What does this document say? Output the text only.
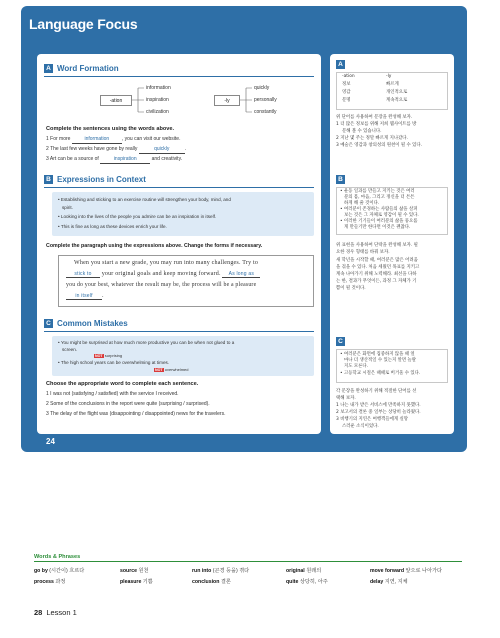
Language Focus
A Word Formation
-ation
information
inspiration
civilization
-ly
quickly
personally
constantly
Complete the sentences using the words above.
1 For more	information	, you can visit our website.
2 The last few weeks have gone by really	quickly	.
3 Art can be a source of	inspiration	and creativity.
B Expressions in Context
• Establishing and sticking to an exercise routine will strengthen your body, mind, and
spirit.
• Looking into the lives of the people you admire can be an inspiration in itself.
• This is fine as long as these devices enrich your life.
Complete the paragraph using the expressions above. Change the forms if necessary.
When you start a new grade, you may run into many challenges. Try to
stick to your original goals and keep moving forward. As long as
you do your best, whatever the result may be, the process will be a pleasure
in itself .
C Common Mistakes
• You might be surprised at how much more productive you can be when not glued to a
screen.
NOT surprising
• The high school years can be overwhelming at times.
NOT overwhelmed
Choose the appropriate word to complete each sentence.
1 I was not (satisfying / satisfied) with the service I received.
2 Some of the conclusions in the report were quite (surprising / surprised).
3 The delay of the flight was (disappointing / disappointed) news for the travelers.
24
A
-ation	-ly
정보	빠르게
영감	개인적으로
문명	계속적으로
위 단어를 사용하여 문장을 완성해 보자.
1 더 많은 정보를 위해 저희 웹사이트를 방
문해 볼 수 있습니다.
2 지난 몇 주는 정말 빠르게 지나갔다.
3 예술은 영감과 창의성의 원천이 될 수 있다.
B
• 운동 일과를 만들고 지키는 것은 여러
분의 몸, 마음, 그리고 정신을 더 튼튼
하게 해 줄 것이다.
• 여러분이 존경하는 사람들의 삶을 살펴
보는 것은 그 자체로 영감이 될 수 있다.
• 이러한 기기들이 여러분의 삶을 풍요롭
게 만들기만 한다면 이것은 괜찮다.
위 표현을 사용하여 단락을 완성해 보자. 필
요한 경우 형태를 바꿔 보자.
새 학년을 시작할 때, 여러분은 많은 어려움
을 겪을 수 있다. 처음 세웠던 목표를 지키고
계속 나아가기 위해 노력해라. 최선을 다하
는 한, 결과가 무엇이든, 과정 그 자체가 기
쁨이 될 것이다.
C
• 여러분은 화면에 집중하지 않을 때 얼
마나 더 생산적일 수 있는지 알면 놀랄
지도 모른다.
• 고등학교 시절은 때때로 버거울 수 있다.
각 문장을 완성하기 위해 적절한 단어를 선
택해 보자.
1 나는 내가 받은 서비스에 만족하지 못했다.
2 보고서의 결론 중 일부는 상당히 놀라웠다.
3 비행기의 지연은 여행객들에게 실망
스러운 소식이었다.
Words & Phrases
go by (시간이) 흐르다	source 원천	run into (곤경 등을) 겪다	original 원래의	move forward 앞으로 나아가다
process 과정	pleasure 기쁨	conclusion 결론	quite 상당히, 아주	delay 지연, 지체
28 Lesson 1
